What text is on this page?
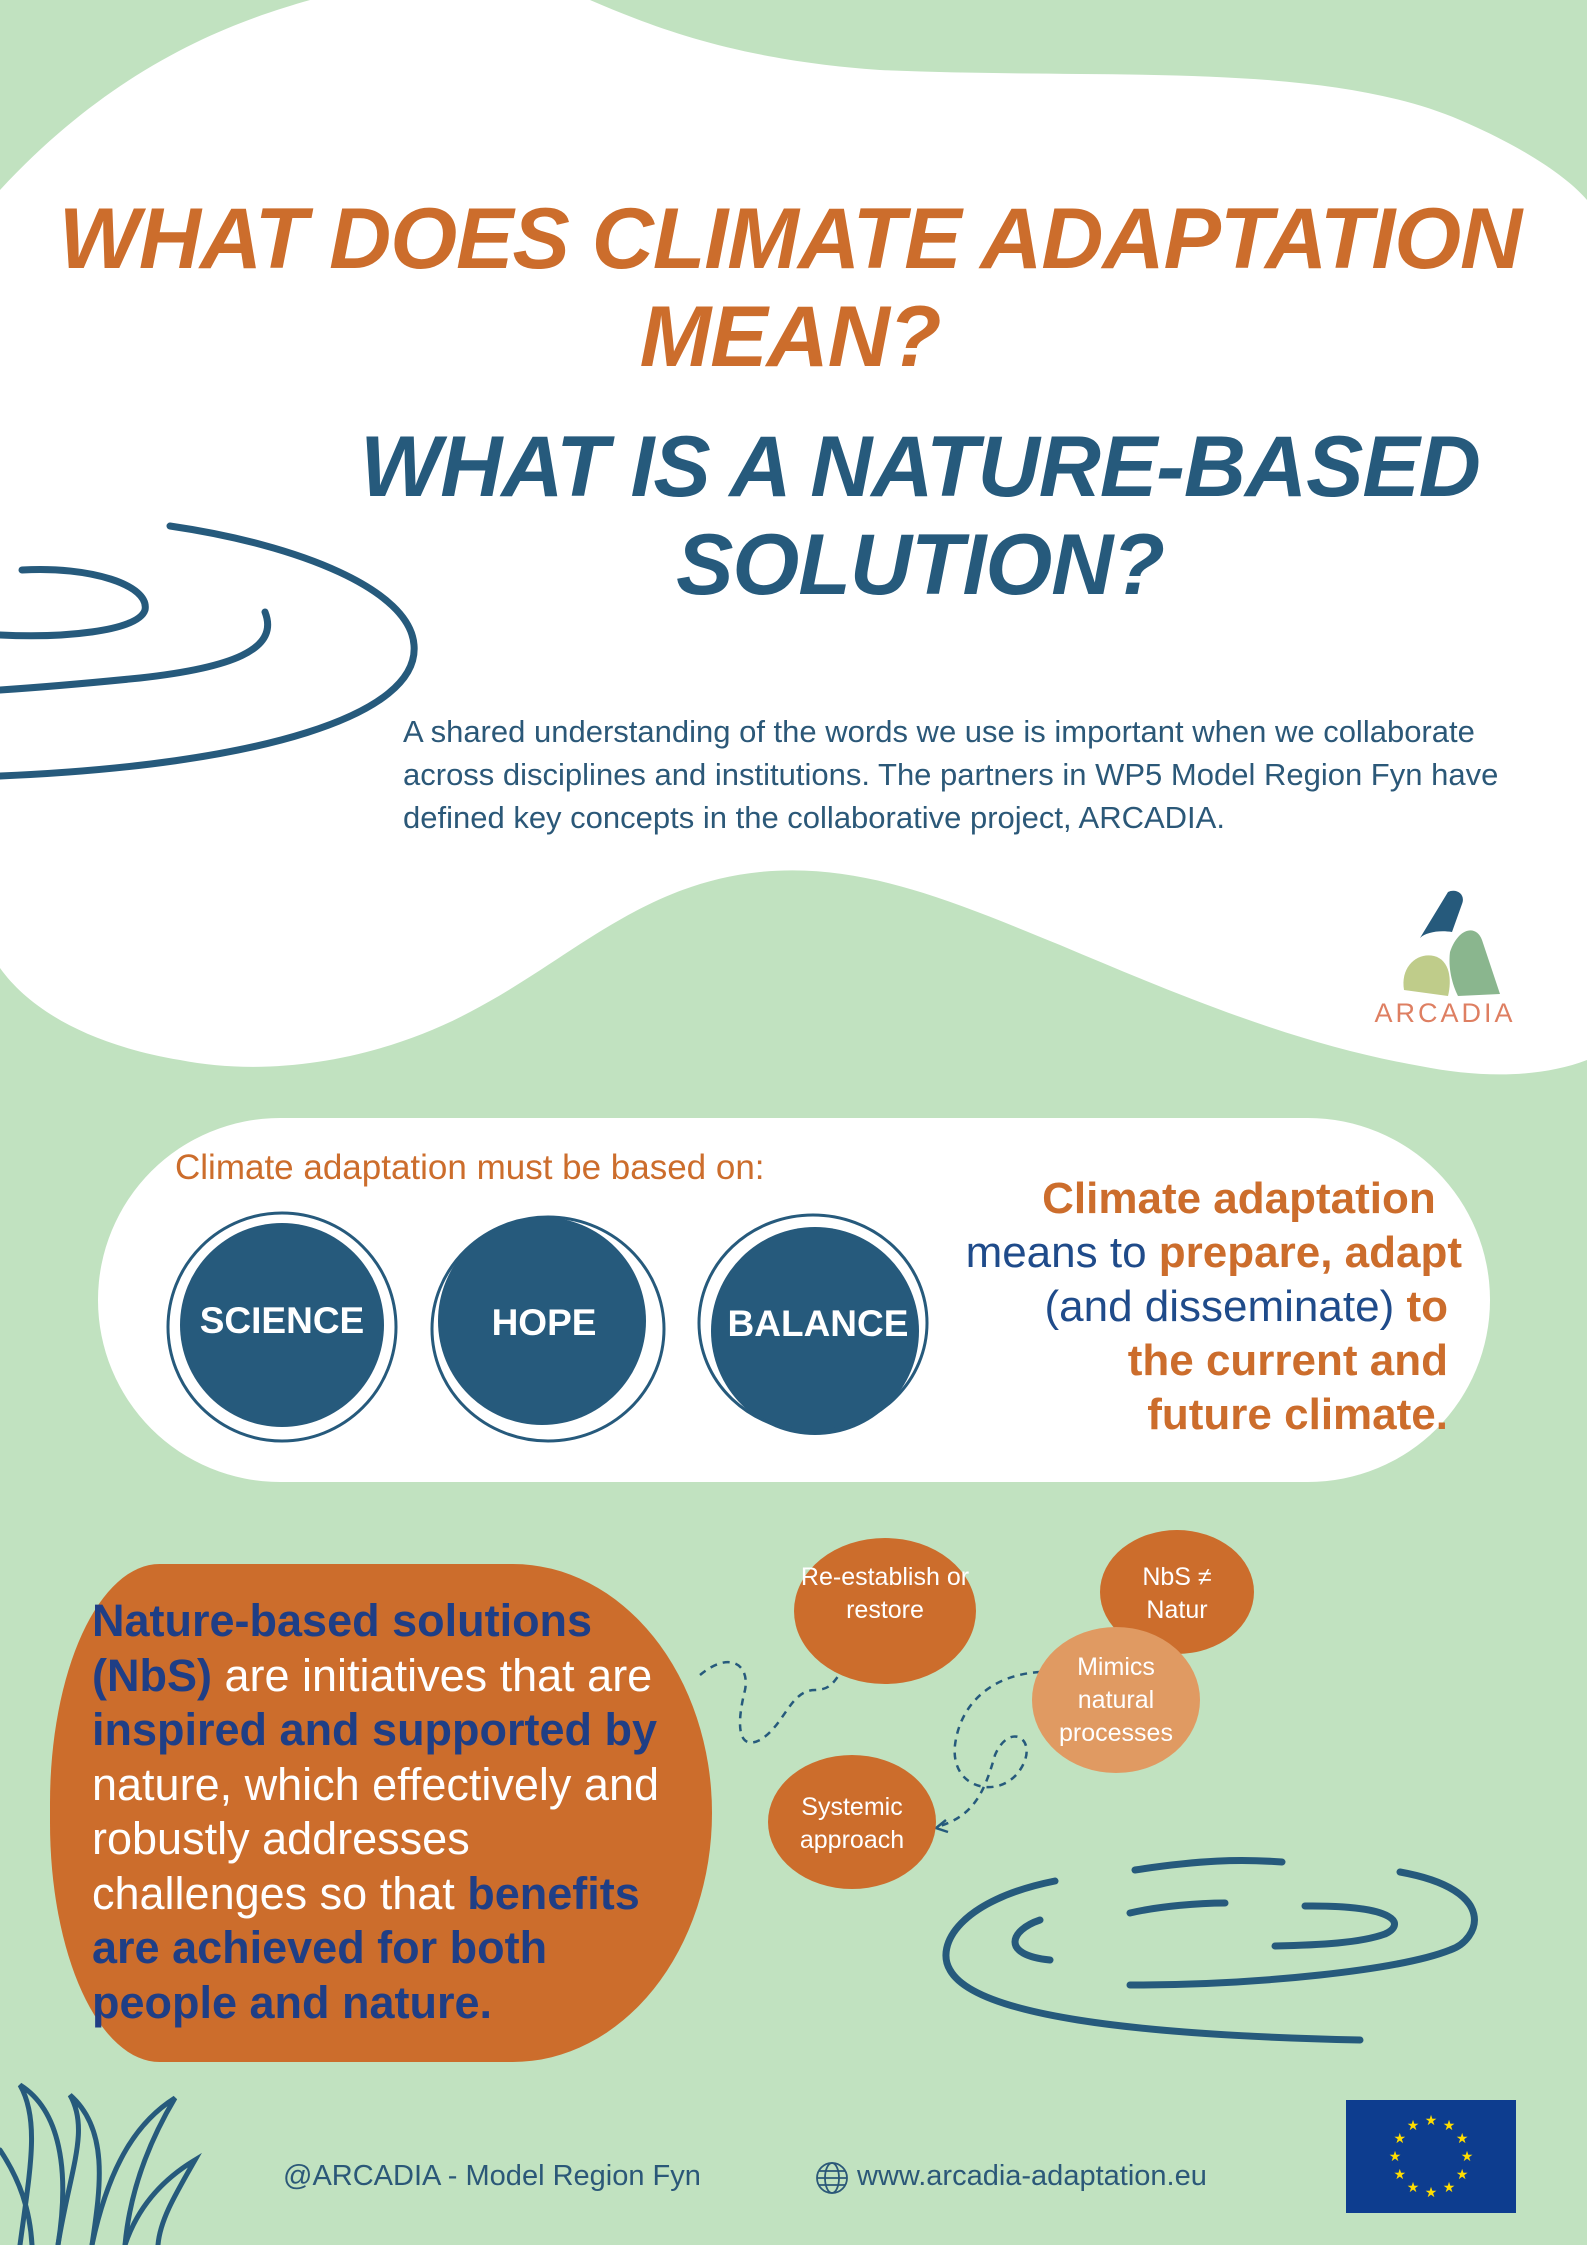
WHAT DOES CLIMATE ADAPTATION
MEAN?
WHAT IS A NATURE-BASED
SOLUTION?
A shared understanding of the words we use is important when we collaborate across disciplines and institutions. The partners in WP5 Model Region Fyn have defined key concepts in the collaborative project, ARCADIA.
ARCADIA
Climate adaptation must be based on:
SCIENCE	HOPE	BALANCE
Climate adaptation
means to prepare, adapt
(and disseminate) to
the current and
future climate.
Nature-based solutions (NbS) are initiatives that are inspired and supported by nature, which effectively and robustly addresses challenges so that benefits are achieved for both people and nature.
Re-establish or restore
NbS ≠ Natur
Mimics natural processes
Systemic approach
@ARCADIA - Model Region Fyn	www.arcadia-adaptation.eu
★ ★
★
★
★
★
★
★
★
★
★
★
